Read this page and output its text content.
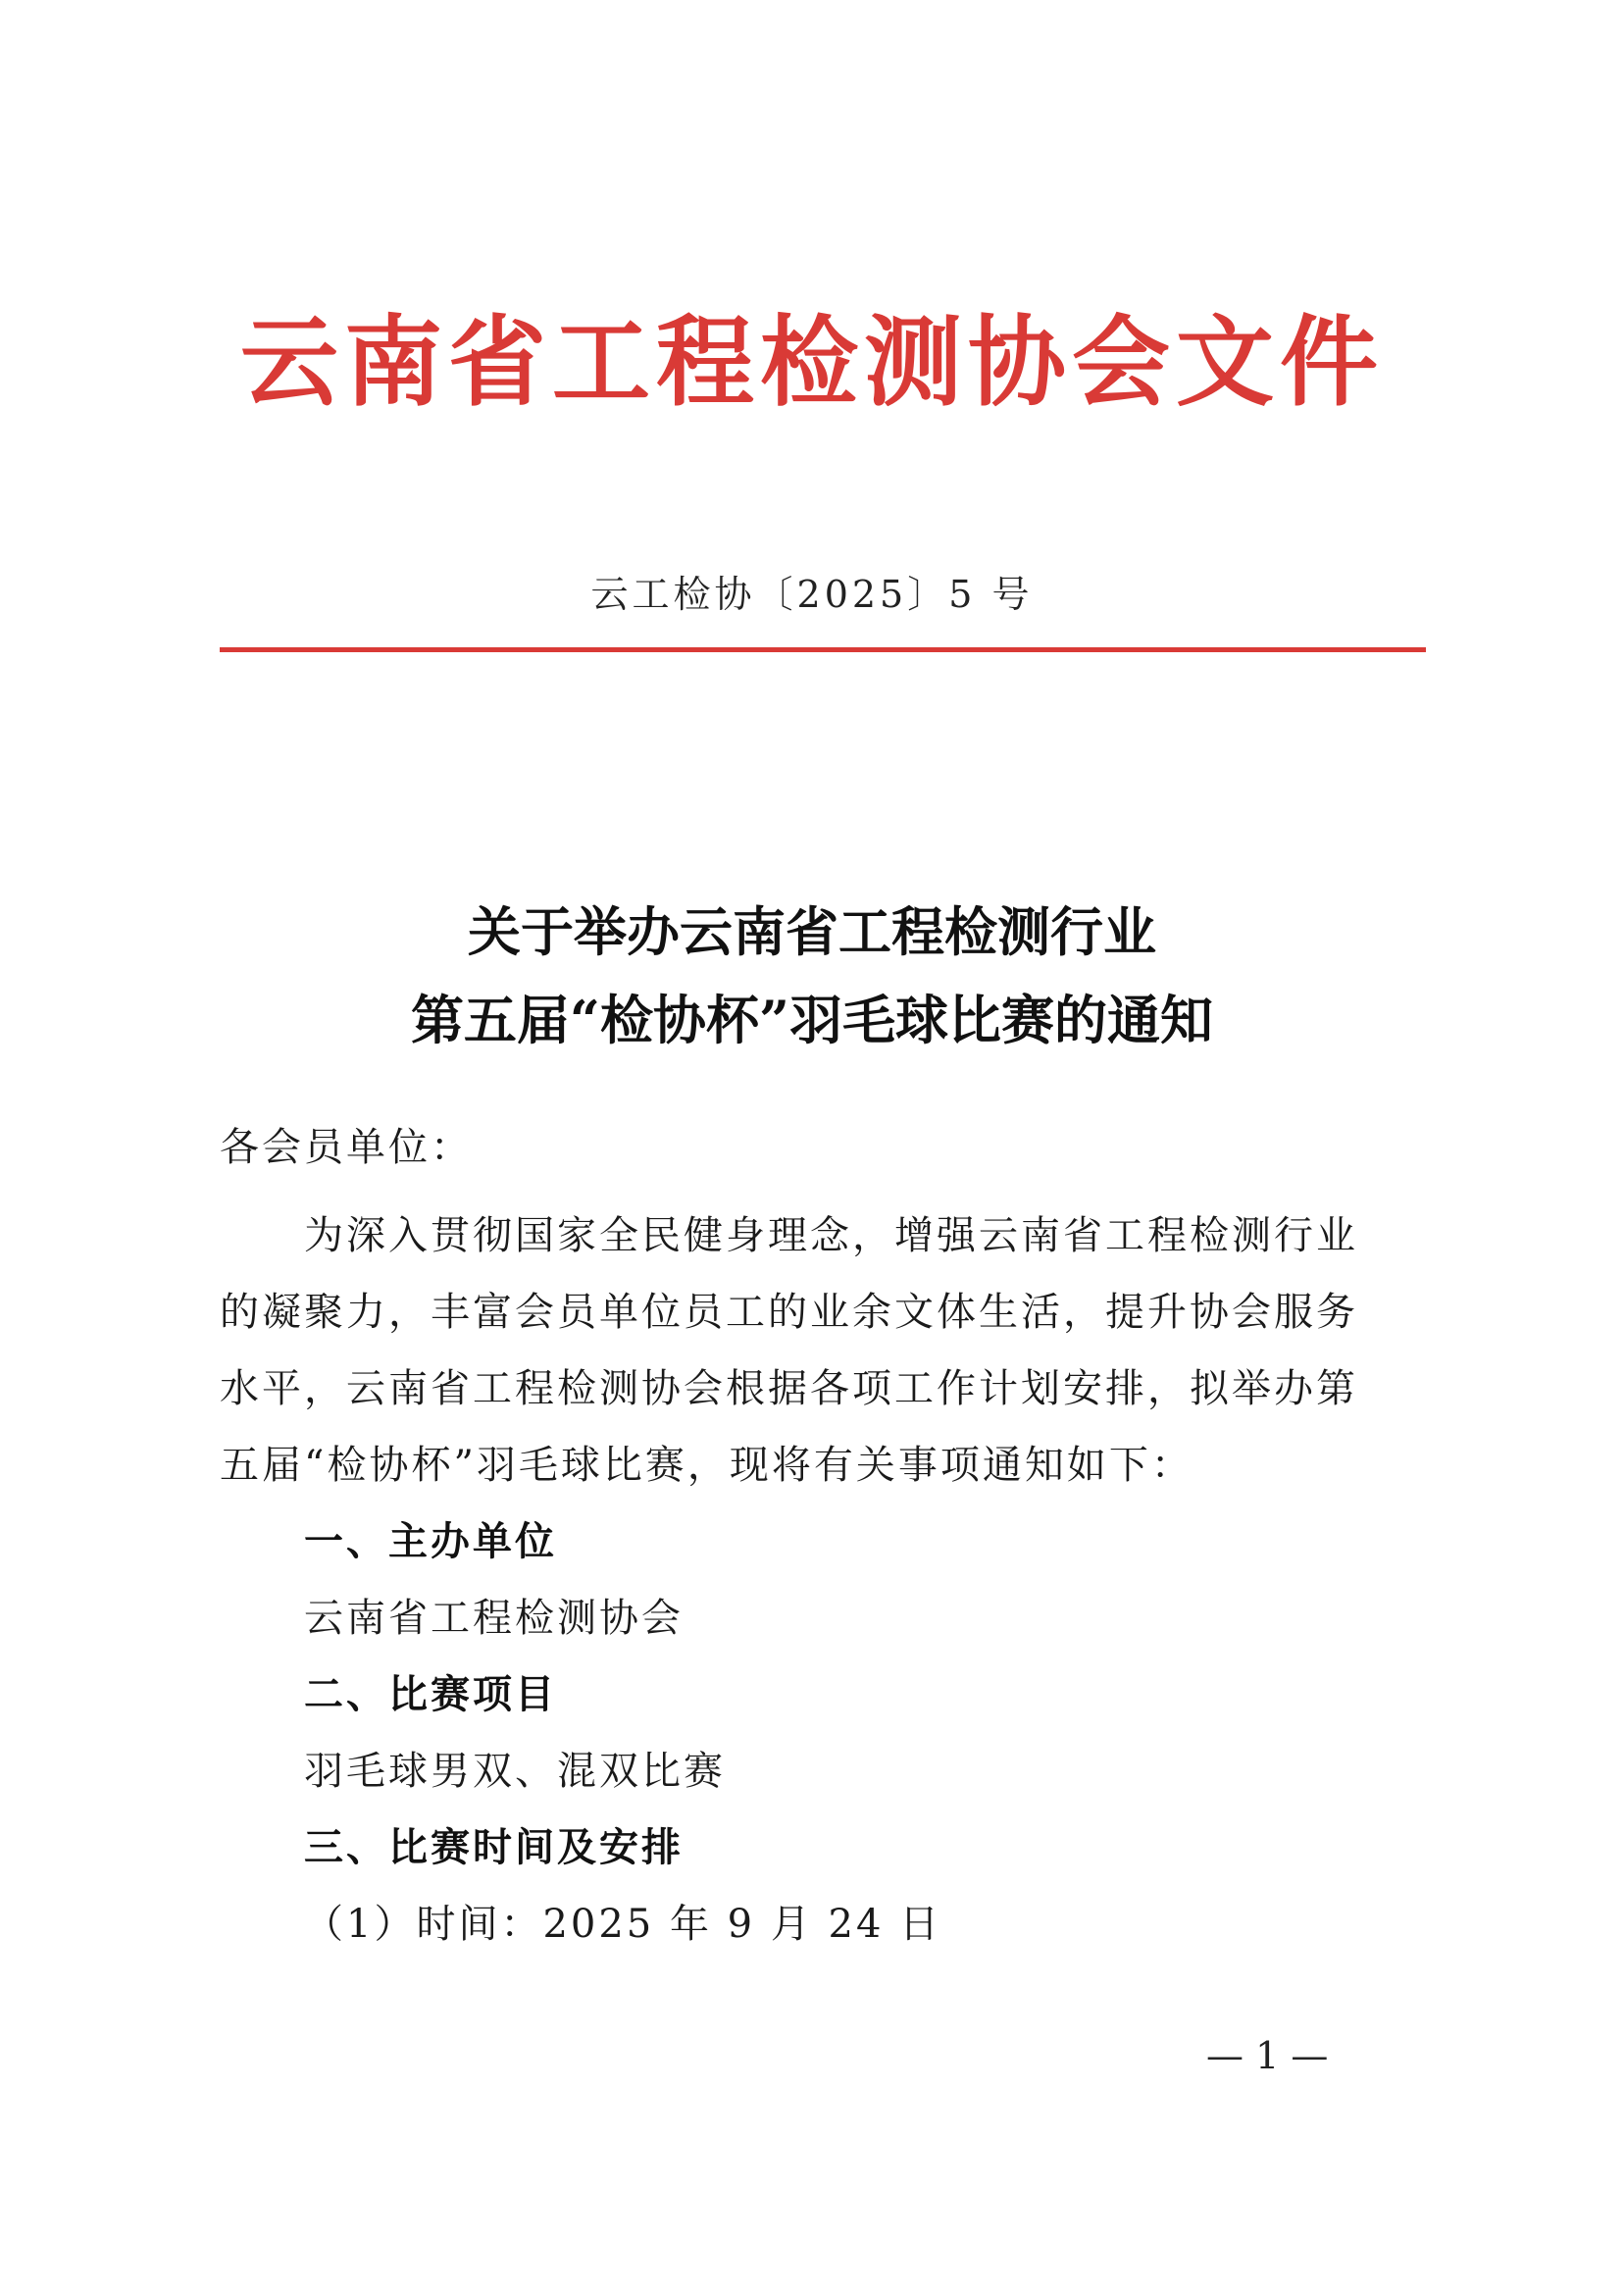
云南省工程检测协会文件

云工检协〔2025〕5 号

关于举办云南省工程检测行业
第五届“检协杯”羽毛球比赛的通知

各会员单位：

为深入贯彻国家全民健身理念，增强云南省工程检测行业

的凝聚力，丰富会员单位员工的业余文体生活，提升协会服务

水平，云南省工程检测协会根据各项工作计划安排，拟举办第

五届“检协杯”羽毛球比赛，现将有关事项通知如下：

一、主办单位

云南省工程检测协会

二、比赛项目

羽毛球男双、混双比赛

三、比赛时间及安排

（1）时间：2025 年 9 月 24 日

— 1 —
